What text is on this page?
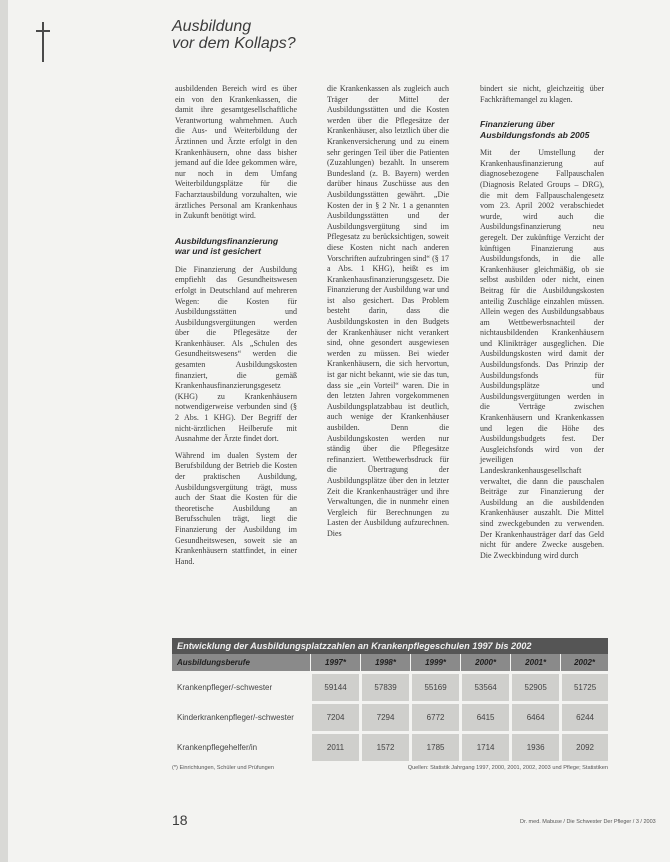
Ausbildung
vor dem Kollaps?

ausbildenden Bereich wird es über ein von den Krankenkassen, die damit ihre gesamtgesellschaftliche Verantwortung wahrnehmen. Auch die Aus- und Weiterbildung der Ärztinnen und Ärzte erfolgt in den Krankenhäusern, ohne dass bisher jemand auf die Idee gekommen wäre, nur noch in dem Umfang Weiterbildungsplätze für die Facharztausbildung vorzuhalten, wie ärztliches Personal am Krankenhaus in Zukunft benötigt wird.

Ausbildungsfinanzierung
war und ist gesichert

Die Finanzierung der Ausbildung empfiehlt das Gesundheitswesen erfolgt in Deutschland auf mehreren Wegen: die Kosten für Ausbildungsstätten und Ausbildungsvergütungen werden über die Pflegesätze der Krankenhäuser. Als „Schulen des Gesundheitswesens“ werden die gesamten Ausbildungskosten finanziert, die gemäß Krankenhausfinanzierungsgesetz (KHG) zu Krankenhäusern notwendigerweise verbunden sind (§ 2 Abs. 1 KHG). Der Begriff der nicht-ärztlichen Heilberufe mit Ausnahme der Ärzte findet dort.

Während im dualen System der Berufsbildung der Betrieb die Kosten der praktischen Ausbildung, Ausbildungsvergütung trägt, muss auch der Staat die Kosten für die theoretische Ausbildung an Berufsschulen trägt, liegt die Finanzierung der Ausbildung im Gesundheitswesen, soweit sie an Krankenhäusern stattfindet, in einer Hand.

die Krankenkassen als zugleich auch Träger der Mittel der Ausbildungsstätten und die Kosten werden über die Pflegesätze der Krankenhäuser, also letztlich über die Krankenversicherung und zu einem sehr geringen Teil über die Patienten (Zuzahlungen) bezahlt. In unserem Bundesland (z. B. Bayern) werden darüber hinaus Zuschüsse aus den Ausbildungsstätten gewährt. „Die Kosten der in § 2 Nr. 1 a genannten Ausbildungsstätten und der Ausbildungsvergütung sind im Pflegesatz zu berücksichtigen, soweit diese Kosten nicht nach anderen Vorschriften aufzubringen sind“ (§ 17 a Abs. 1 KHG), heißt es im Krankenhausfinanzierungsgesetz. Die Finanzierung der Ausbildung war und ist also gesichert. Das Problem besteht darin, dass die Ausbildungskosten in den Budgets der Krankenhäuser nicht verankert sind, ohne gesondert ausgewiesen werden zu müssen. Bei wieder Krankenhäusern, die sich hervortun, ist gar nicht bekannt, wie sie das tun, dass sie „ein Vorteil“ waren. Die in den letzten Jahren vorgekommenen Ausbildungsplatzabbau ist deutlich, auch wenige der Krankenhäuser ausbilden. Denn die Ausbildungskosten werden nur ständig über die Pflegesätze refinanziert. Wettbewerbsdruck für die Übertragung der Ausbildungsplätze über den in letzter Zeit die Krankenhausträger und ihre Verwaltungen, die in nunmehr einen Vergleich für Berechnungen zu Lasten der Ausbildung aufzurechnen. Dies

bindert sie nicht, gleichzeitig über Fachkräftemangel zu klagen.

Finanzierung über
Ausbildungsfonds ab 2005

Mit der Umstellung der Krankenhausfinanzierung auf diagnosebezogene Fallpauschalen (Diagnosis Related Groups – DRG), die mit dem Fallpauschalengesetz vom 23. April 2002 verabschiedet wurde, wird auch die Ausbildungsfinanzierung neu geregelt. Der zukünftige Verzicht der künftigen Finanzierung aus Ausbildungsfonds, in die alle Krankenhäuser gleichmäßig, ob sie selbst ausbilden oder nicht, einen Beitrag für die Ausbildungskosten anteilig Zuschläge einzahlen müssen. Allein wegen des Ausbildungsabbaus am Wettbewerbsnachteil der nichtausbildenden Krankenhäusern und Klinikträger ausgeglichen. Die Ausbildungskosten wird damit der Ausbildungsfonds. Das Prinzip der Ausbildungsfonds für Ausbildungsplätze und Ausbildungsvergütungen werden in die Verträge zwischen Krankenhäusern und Krankenkassen und legen die Höhe des Ausbildungsbudgets fest. Der Ausgleichsfonds wird von der jeweiligen Landeskrankenhausgesellschaft verwaltet, die dann die pauschalen Beiträge zur Finanzierung der Ausbildung an die ausbildenden Krankenhäuser auszahlt. Die Mittel sind zweckgebunden zu verwenden. Der Krankenhausträger darf das Geld nicht für andere Zwecke ausgeben. Die Zweckbindung wird durch

Entwicklung der Ausbildungsplatzzahlen an Krankenpflegeschulen 1997 bis 2002
Ausbildungsberufe	1997*	1998*	1999*	2000*	2001*	2002*
Krankenpfleger/-schwester	59144	57839	55169	53564	52905	51725
Kinderkrankenpfleger/-schwester	7204	7294	6772	6415	6464	6244
Krankenpflegehelfer/in	2011	1572	1785	1714	1936	2092
(*) Einrichtungen, Schüler und Prüfungen	Quellen: Statistik Jahrgang 1997, 2000, 2001, 2002, 2003 und Pflege; Statistiken
18	Dr. med. Mabuse / Die Schwester Der Pfleger / 3 / 2003
